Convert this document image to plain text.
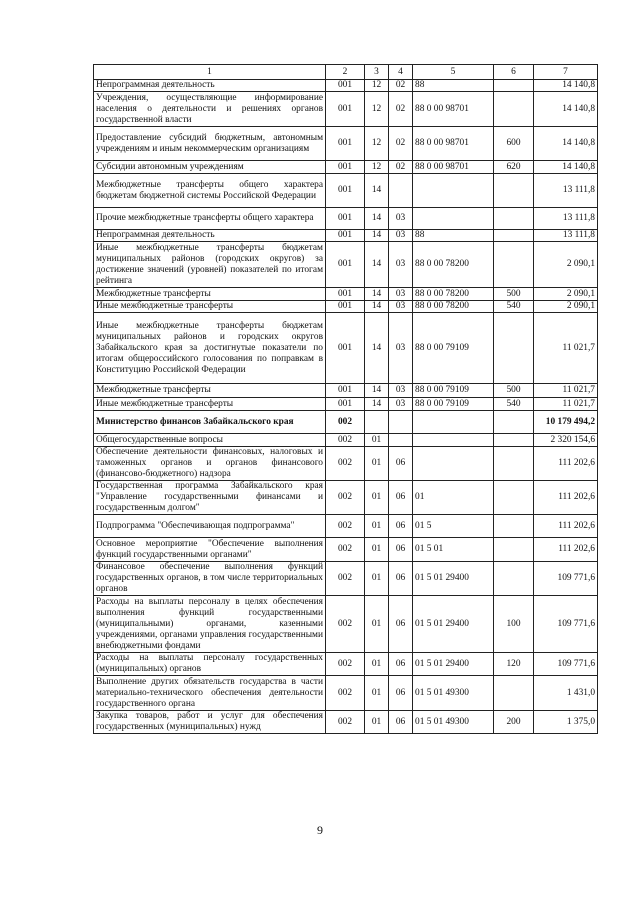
1	2	3	4	5	6	7
Непрограммная деятельность	001	12	02	88		14 140,8
Учреждения, осуществляющие информирование населения о деятельности и решениях органов государственной власти	001	12	02	88 0 00 98701		14 140,8
Предоставление субсидий бюджетным, автономным учреждениям и иным некоммерческим организациям	001	12	02	88 0 00 98701	600	14 140,8
Субсидии автономным учреждениям	001	12	02	88 0 00 98701	620	14 140,8
Межбюджетные трансферты общего характера бюджетам бюджетной системы Российской Федерации	001	14				13 111,8
Прочие межбюджетные трансферты общего характера	001	14	03			13 111,8
Непрограммная деятельность	001	14	03	88		13 111,8
Иные межбюджетные трансферты бюджетам муниципальных районов (городских округов) за достижение значений (уровней) показателей по итогам рейтинга	001	14	03	88 0 00 78200		2 090,1
Межбюджетные трансферты	001	14	03	88 0 00 78200	500	2 090,1
Иные межбюджетные трансферты	001	14	03	88 0 00 78200	540	2 090,1
Иные межбюджетные трансферты бюджетам муниципальных районов и городских округов Забайкальского края за достигнутые показатели по итогам общероссийского голосования по поправкам в Конституцию Российской Федерации	001	14	03	88 0 00 79109		11 021,7
Межбюджетные трансферты	001	14	03	88 0 00 79109	500	11 021,7
Иные межбюджетные трансферты	001	14	03	88 0 00 79109	540	11 021,7
Министерство финансов Забайкальского края	002					10 179 494,2
Общегосударственные вопросы	002	01				2 320 154,6
Обеспечение деятельности финансовых, налоговых и таможенных органов и органов финансового (финансово-бюджетного) надзора	002	01	06			111 202,6
Государственная программа Забайкальского края "Управление государственными финансами и государственным долгом"	002	01	06	01		111 202,6
Подпрограмма "Обеспечивающая подпрограмма"	002	01	06	01 5		111 202,6
Основное мероприятие "Обеспечение выполнения функций государственными органами"	002	01	06	01 5 01		111 202,6
Финансовое обеспечение выполнения функций государственных органов, в том числе территориальных органов	002	01	06	01 5 01 29400		109 771,6
Расходы на выплаты персоналу в целях обеспечения выполнения функций государственными (муниципальными) органами, казенными учреждениями, органами управления государственными внебюджетными фондами	002	01	06	01 5 01 29400	100	109 771,6
Расходы на выплаты персоналу государственных (муниципальных) органов	002	01	06	01 5 01 29400	120	109 771,6
Выполнение других обязательств государства в части материально-технического обеспечения деятельности государственного органа	002	01	06	01 5 01 49300		1 431,0
Закупка товаров, работ и услуг для обеспечения государственных (муниципальных) нужд	002	01	06	01 5 01 49300	200	1 375,0
9
